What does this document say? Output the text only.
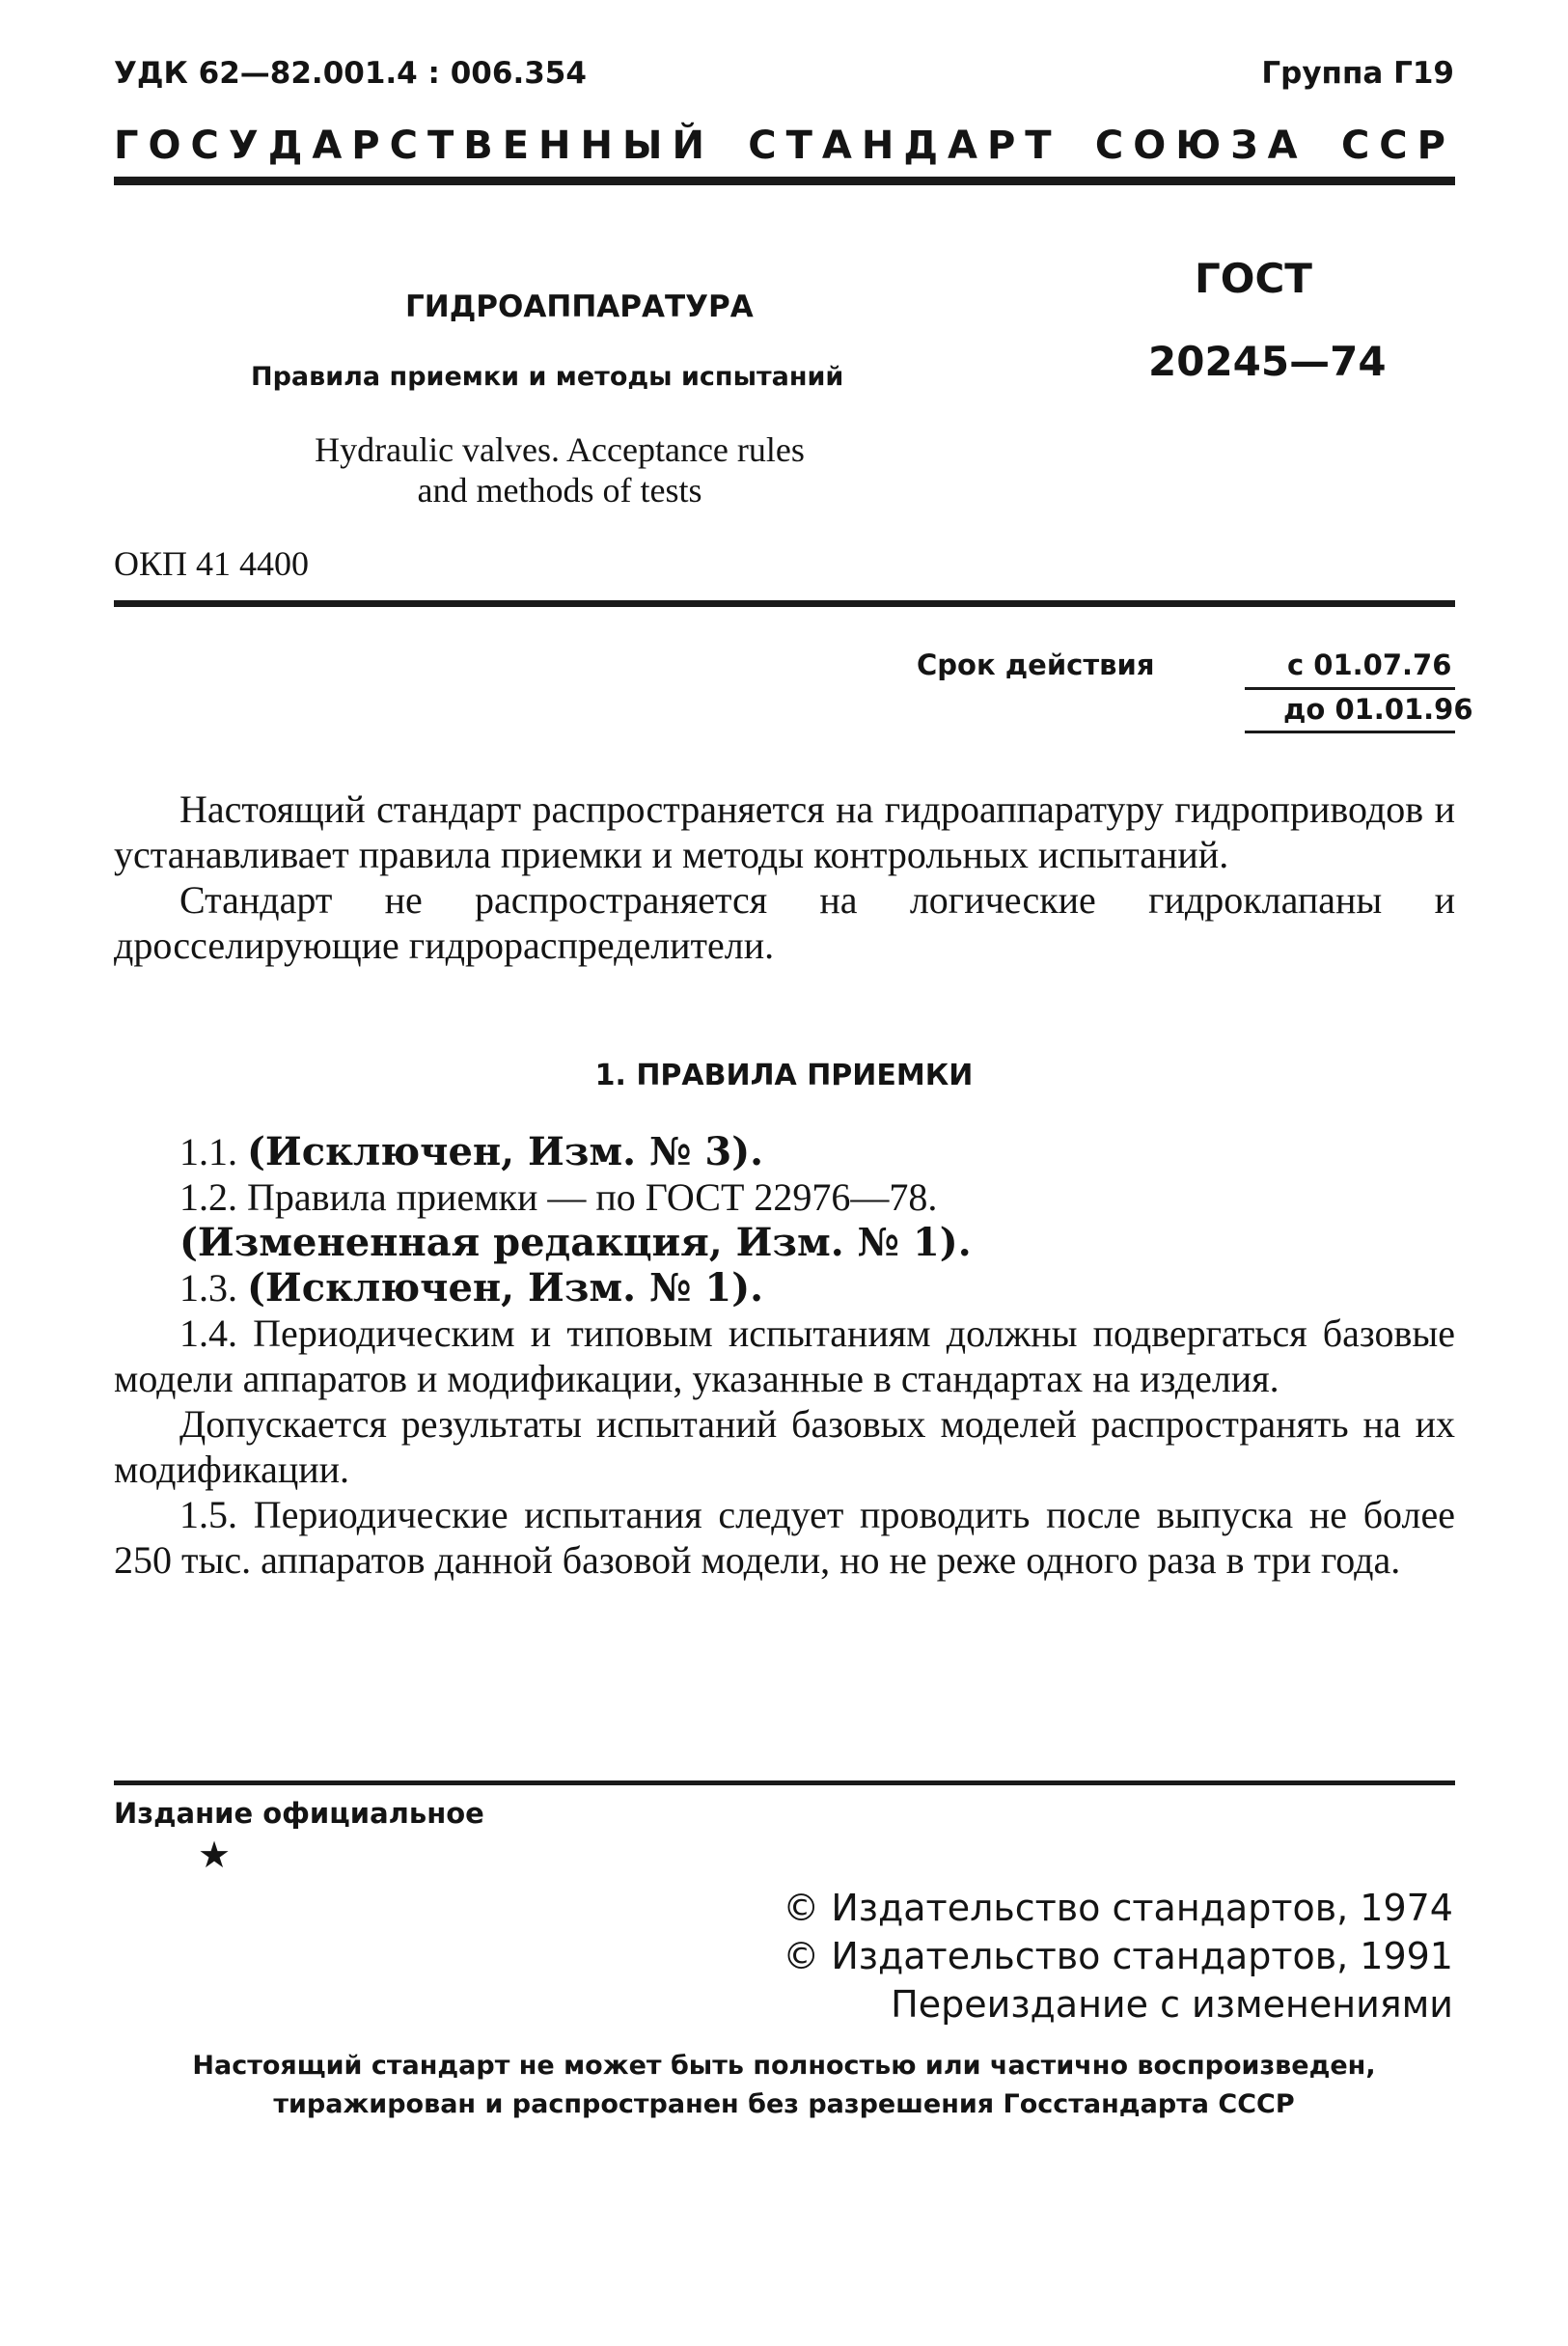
УДК 62—82.001.4 : 006.354	Группа Г19
ГОСУДАРСТВЕННЫЙ СТАНДАРТ СОЮЗА ССР
ГИДРОАППАРАТУРА
Правила приемки и методы испытаний
Hydraulic valves. Acceptance rules
and methods of tests
ГОСТ
20245—74
ОКП 41 4400
Срок действия	с 01.07.76
до 01.01.96

Настоящий стандарт распространяется на гидроаппаратуру гидроприводов и устанавливает правила приемки и методы контрольных испытаний.

Стандарт не распространяется на логические гидроклапаны и дросселирующие гидрораспределители.

1. ПРАВИЛА ПРИЕМКИ

1.1. (Исключен, Изм. № 3).

1.2. Правила приемки — по ГОСТ 22976—78.

(Измененная редакция, Изм. № 1).

1.3. (Исключен, Изм. № 1).

1.4. Периодическим и типовым испытаниям должны подвергаться базовые модели аппаратов и модификации, указанные в стандартах на изделия.

Допускается результаты испытаний базовых моделей распространять на их модификации.

1.5. Периодические испытания следует проводить после выпуска не более 250 тыс. аппаратов данной базовой модели, но не реже одного раза в три года.

Издание официальное
★
© Издательство стандартов, 1974
© Издательство стандартов, 1991
Переиздание с изменениями
Настоящий стандарт не может быть полностью или частично воспроизведен,
тиражирован и распространен без разрешения Госстандарта СССР
